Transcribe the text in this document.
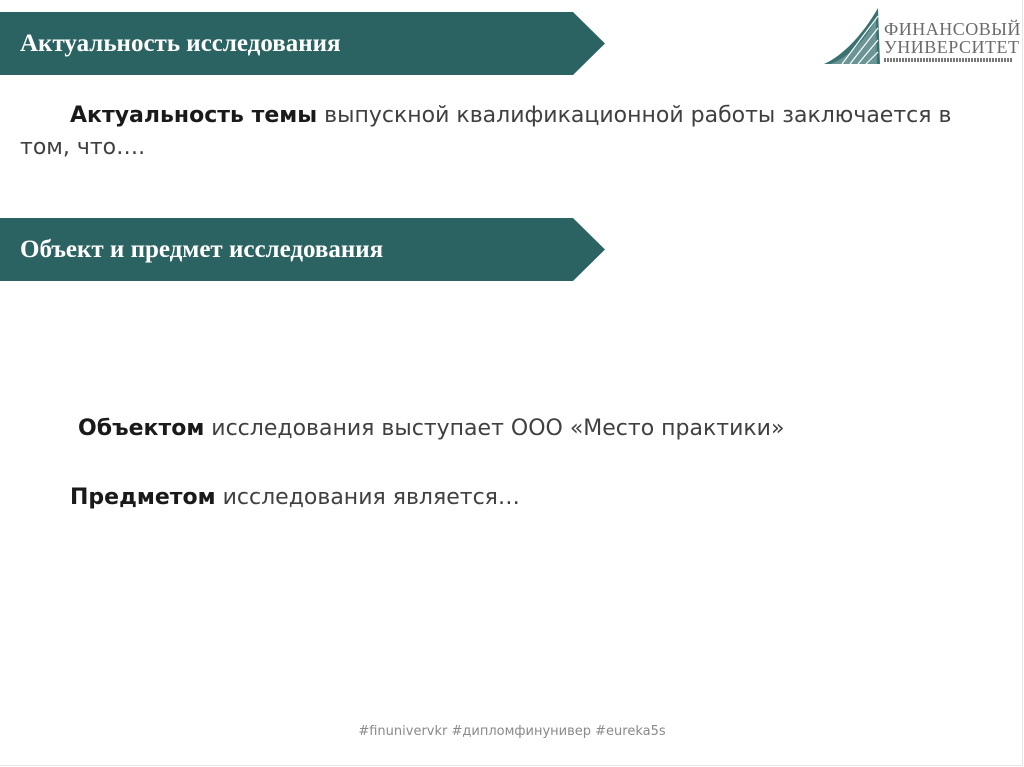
Актуальность исследования
ФИНАНСОВЫЙ
УНИВЕРСИТЕТ
Актуальность темы выпускной квалификационной работы заключается в том, что….
Объект и предмет исследования
Объектом исследования выступает ООО «Место практики»
Предметом исследования является…
#finunivervkr #дипломфинунивер #eureka5s
